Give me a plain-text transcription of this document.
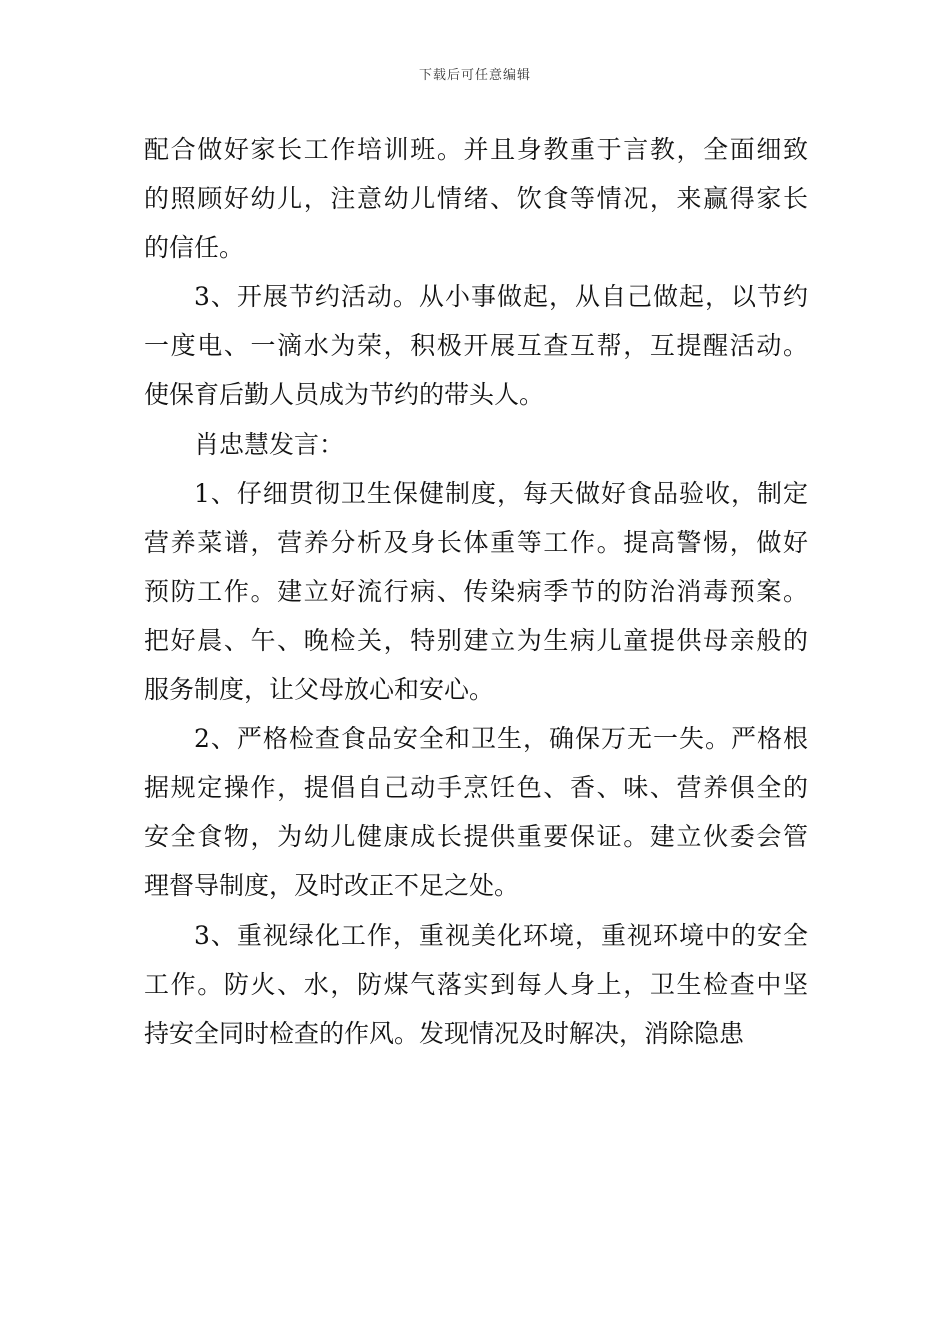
下载后可任意编辑
配合做好家长工作培训班。并且身教重于言教，全面细致
的照顾好幼儿，注意幼儿情绪、饮食等情况，来赢得家长
的信任。
3、开展节约活动。从小事做起，从自己做起，以节约
一度电、一滴水为荣，积极开展互查互帮，互提醒活动。
使保育后勤人员成为节约的带头人。
肖忠慧发言：
1、仔细贯彻卫生保健制度，每天做好食品验收，制定
营养菜谱，营养分析及身长体重等工作。提高警惕，做好
预防工作。建立好流行病、传染病季节的防治消毒预案。
把好晨、午、晚检关，特别建立为生病儿童提供母亲般的
服务制度，让父母放心和安心。
2、严格检查食品安全和卫生，确保万无一失。严格根
据规定操作，提倡自己动手烹饪色、香、味、营养俱全的
安全食物，为幼儿健康成长提供重要保证。建立伙委会管
理督导制度，及时改正不足之处。
3、重视绿化工作，重视美化环境，重视环境中的安全
工作。防火、水，防煤气落实到每人身上，卫生检查中坚
持安全同时检查的作风。发现情况及时解决，消除隐患
